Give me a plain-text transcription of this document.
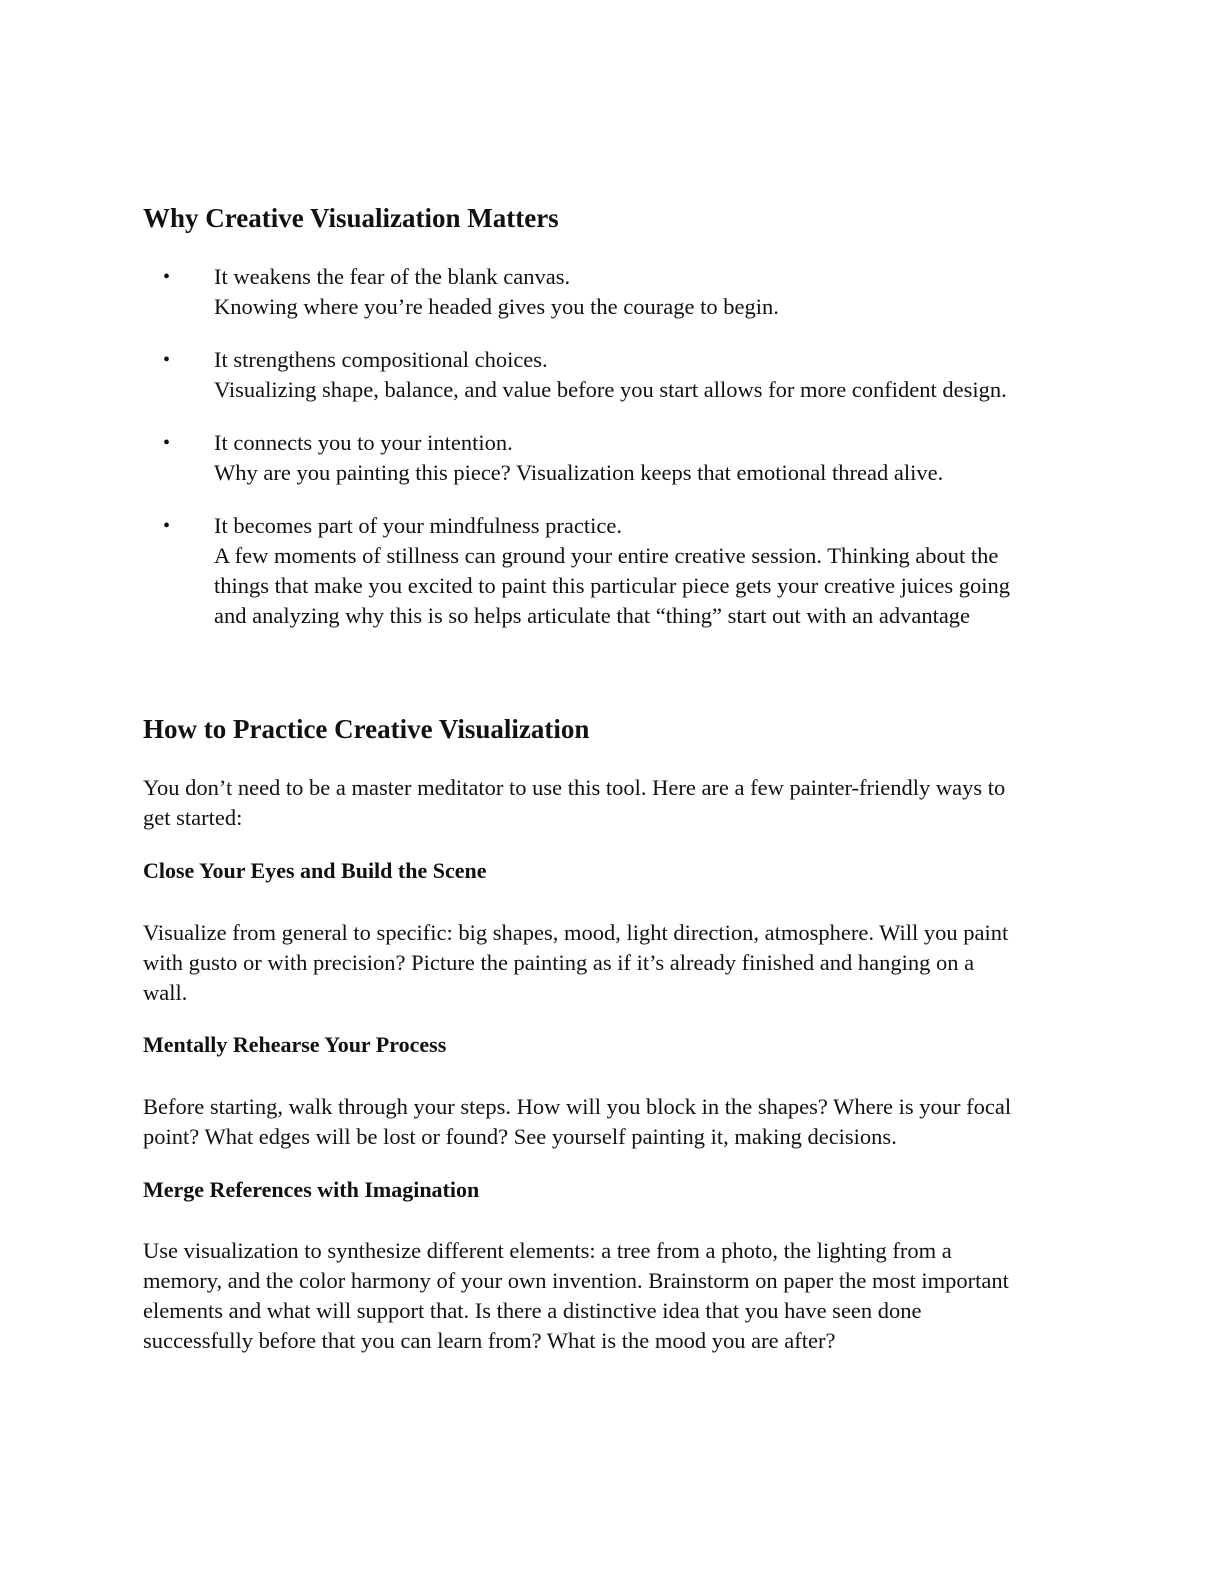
Why Creative Visualization Matters
• It weakens the fear of the blank canvas.
Knowing where you’re headed gives you the courage to begin.
• It strengthens compositional choices.
Visualizing shape, balance, and value before you start allows for more confident design.
• It connects you to your intention.
Why are you painting this piece? Visualization keeps that emotional thread alive.
• It becomes part of your mindfulness practice.
A few moments of stillness can ground your entire creative session. Thinking about the
things that make you excited to paint this particular piece gets your creative juices going
and analyzing why this is so helps articulate that “thing” start out with an advantage
How to Practice Creative Visualization
You don’t need to be a master meditator to use this tool. Here are a few painter-friendly ways to
get started:
Close Your Eyes and Build the Scene
Visualize from general to specific: big shapes, mood, light direction, atmosphere. Will you paint
with gusto or with precision? Picture the painting as if it’s already finished and hanging on a
wall.
Mentally Rehearse Your Process
Before starting, walk through your steps. How will you block in the shapes? Where is your focal
point? What edges will be lost or found? See yourself painting it, making decisions.
Merge References with Imagination
Use visualization to synthesize different elements: a tree from a photo, the lighting from a
memory, and the color harmony of your own invention. Brainstorm on paper the most important
elements and what will support that. Is there a distinctive idea that you have seen done
successfully before that you can learn from? What is the mood you are after?
